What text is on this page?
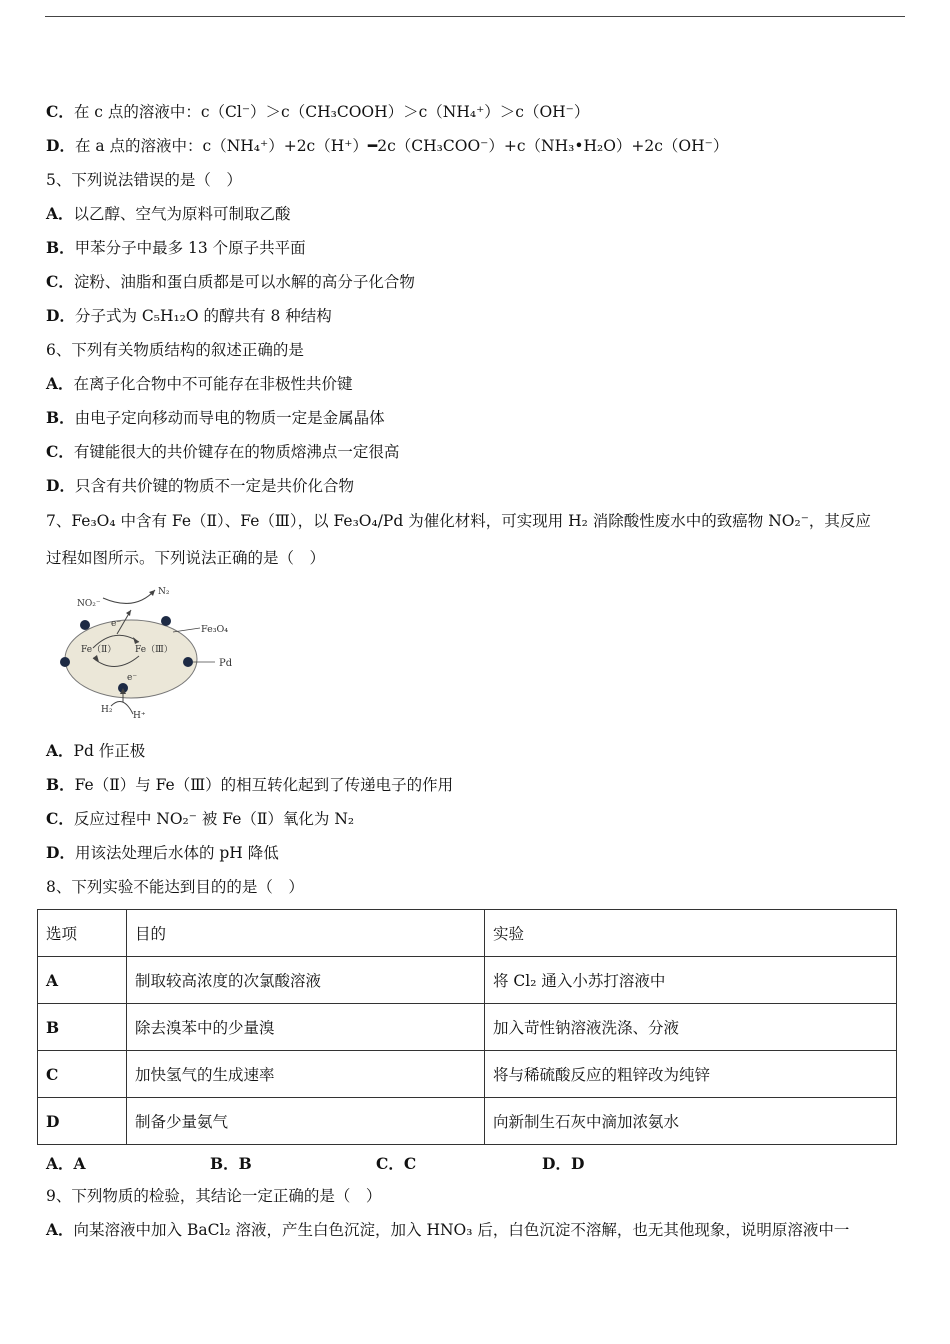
C．在 c 点的溶液中：c（Cl⁻）＞c（CH₃COOH）＞c（NH₄⁺）＞c（OH⁻）
D．在 a 点的溶液中：c（NH₄⁺）+2c（H⁺）━2c（CH₃COO⁻）+c（NH₃•H₂O）+2c（OH⁻）
5、下列说法错误的是（　）
A．以乙醇、空气为原料可制取乙酸
B．甲苯分子中最多 13 个原子共平面
C．淀粉、油脂和蛋白质都是可以水解的高分子化合物
D．分子式为 C₅H₁₂O 的醇共有 8 种结构
6、下列有关物质结构的叙述正确的是
A．在离子化合物中不可能存在非极性共价键
B．由电子定向移动而导电的物质一定是金属晶体
C．有键能很大的共价键存在的物质熔沸点一定很高
D．只含有共价键的物质不一定是共价化合物
7、Fe₃O₄ 中含有 Fe（Ⅱ）、Fe（Ⅲ），以 Fe₃O₄/Pd 为催化材料，可实现用 H₂ 消除酸性废水中的致癌物 NO₂⁻，其反应
过程如图所示。下列说法正确的是（　）
A．Pd 作正极
B．Fe（Ⅱ）与 Fe（Ⅲ）的相互转化起到了传递电子的作用
C．反应过程中 NO₂⁻ 被 Fe（Ⅱ）氧化为 N₂
D．用该法处理后水体的 pH 降低
8、下列实验不能达到目的的是（　）
9、下列物质的检验，其结论一定正确的是（　）
A．向某溶液中加入 BaCl₂ 溶液，产生白色沉淀，加入 HNO₃ 后，白色沉淀不溶解，也无其他现象，说明原溶液中一
NO₂⁻
N₂
Fe₃O₄
Pd
Fe（Ⅱ） Fe（Ⅲ）
e⁻
e⁻
H₂
H⁺
选项	目的	实验
A	制取较高浓度的次氯酸溶液	将 Cl₂ 通入小苏打溶液中
B	除去溴苯中的少量溴	加入苛性钠溶液洗涤、分液
C	加快氢气的生成速率	将与稀硫酸反应的粗锌改为纯锌
D	制备少量氨气	向新制生石灰中滴加浓氨水
A．A	B．B	C．C	D．D
